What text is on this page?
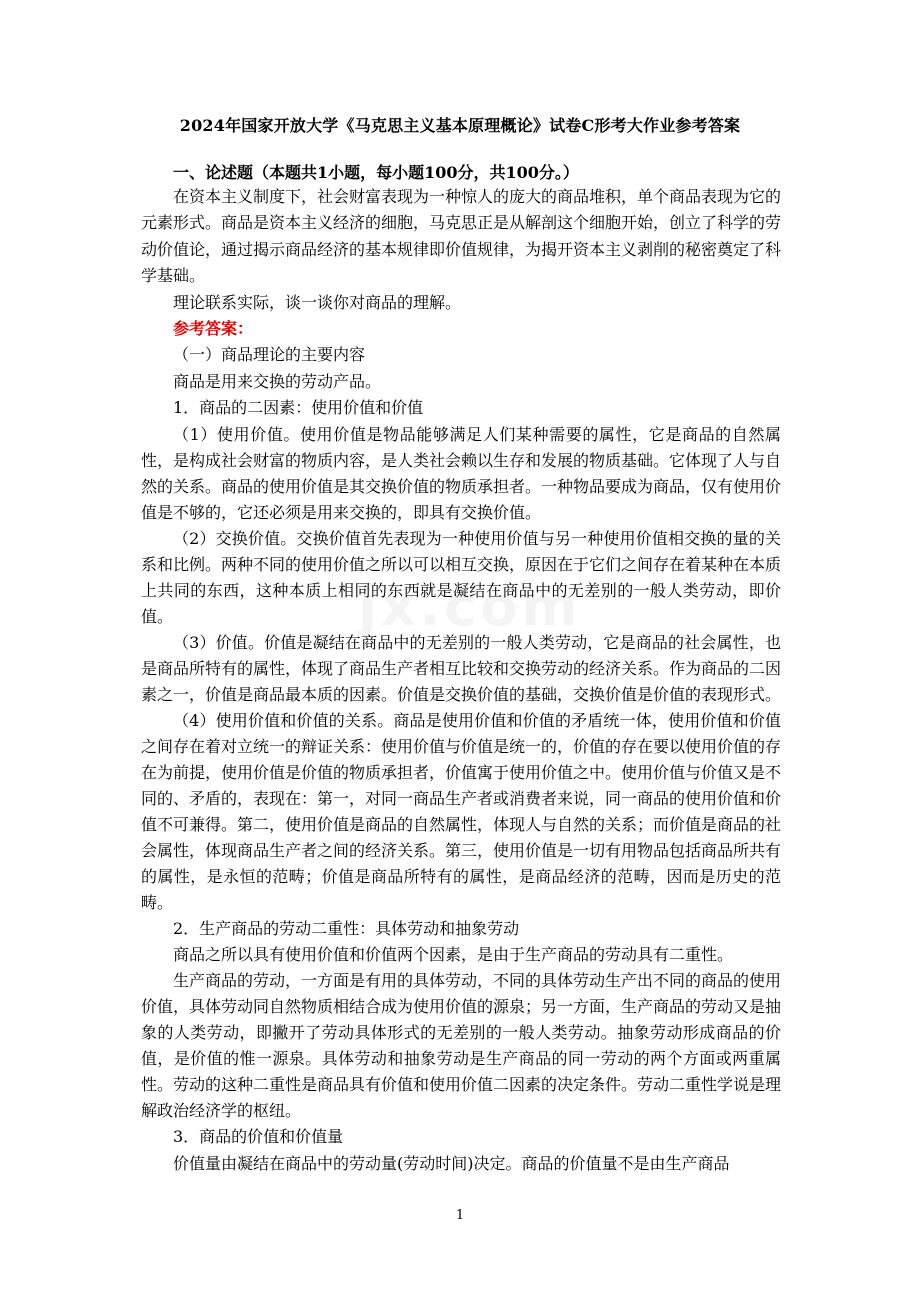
2024年国家开放大学《马克思主义基本原理概论》试卷C形考大作业参考答案
一、论述题（本题共1小题，每小题100分，共100分。）

在资本主义制度下，社会财富表现为一种惊人的庞大的商品堆积，单个商品表现为它的元素形式。商品是资本主义经济的细胞，马克思正是从解剖这个细胞开始，创立了科学的劳动价值论，通过揭示商品经济的基本规律即价值规律，为揭开资本主义剥削的秘密奠定了科学基础。

理论联系实际，谈一谈你对商品的理解。

参考答案：

（一）商品理论的主要内容

商品是用来交换的劳动产品。

1．商品的二因素：使用价值和价值

（1）使用价值。使用价值是物品能够满足人们某种需要的属性，它是商品的自然属性，是构成社会财富的物质内容，是人类社会赖以生存和发展的物质基础。它体现了人与自然的关系。商品的使用价值是其交换价值的物质承担者。一种物品要成为商品，仅有使用价值是不够的，它还必须是用来交换的，即具有交换价值。

（2）交换价值。交换价值首先表现为一种使用价值与另一种使用价值相交换的量的关系和比例。两种不同的使用价值之所以可以相互交换，原因在于它们之间存在着某种在本质上共同的东西，这种本质上相同的东西就是凝结在商品中的无差别的一般人类劳动，即价值。

（3）价值。价值是凝结在商品中的无差别的一般人类劳动，它是商品的社会属性，也是商品所特有的属性，体现了商品生产者相互比较和交换劳动的经济关系。作为商品的二因素之一，价值是商品最本质的因素。价值是交换价值的基础，交换价值是价值的表现形式。

（4）使用价值和价值的关系。商品是使用价值和价值的矛盾统一体，使用价值和价值之间存在着对立统一的辩证关系：使用价值与价值是统一的，价值的存在要以使用价值的存在为前提，使用价值是价值的物质承担者，价值寓于使用价值之中。使用价值与价值又是不同的、矛盾的，表现在：第一，对同一商品生产者或消费者来说，同一商品的使用价值和价值不可兼得。第二，使用价值是商品的自然属性，体现人与自然的关系；而价值是商品的社会属性，体现商品生产者之间的经济关系。第三，使用价值是一切有用物品包括商品所共有的属性，是永恒的范畴；价值是商品所特有的属性，是商品经济的范畴，因而是历史的范畴。

2．生产商品的劳动二重性：具体劳动和抽象劳动

商品之所以具有使用价值和价值两个因素，是由于生产商品的劳动具有二重性。

生产商品的劳动，一方面是有用的具体劳动，不同的具体劳动生产出不同的商品的使用价值，具体劳动同自然物质相结合成为使用价值的源泉；另一方面，生产商品的劳动又是抽象的人类劳动，即撇开了劳动具体形式的无差别的一般人类劳动。抽象劳动形成商品的价值，是价值的惟一源泉。具体劳动和抽象劳动是生产商品的同一劳动的两个方面或两重属性。劳动的这种二重性是商品具有价值和使用价值二因素的决定条件。劳动二重性学说是理解政治经济学的枢纽。

3．商品的价值和价值量

价值量由凝结在商品中的劳动量(劳动时间)决定。商品的价值量不是由生产商品

1
